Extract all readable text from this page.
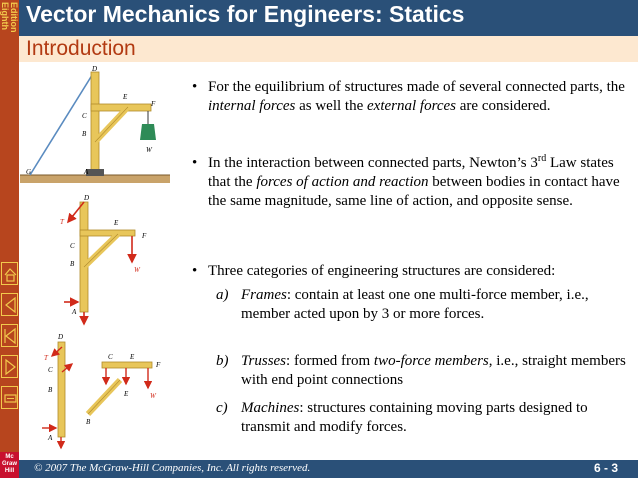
Eighth Edition Vector Mechanics for Engineers: Statics
Introduction
Mc
Graw
Hill
D
E
F
C
B
W
G	A
D
E
T
F
C
B
W
A
D
C E
F
T
C
B
W
E
B
A
• For the equilibrium of structures made of several connected parts, the internal forces as well the external forces are considered.
• In the interaction between connected parts, Newton’s 3rd Law states that the forces of action and reaction between bodies in contact have the same magnitude, same line of action, and opposite sense.
• Three categories of engineering structures are considered:
a) Frames: contain at least one one multi-force member, i.e., member acted upon by 3 or more forces.
b) Trusses: formed from two-force members, i.e., straight members with end point connections
c) Machines: structures containing moving parts designed to transmit and modify forces.
© 2007 The McGraw-Hill Companies, Inc. All rights reserved.	6 - 3
